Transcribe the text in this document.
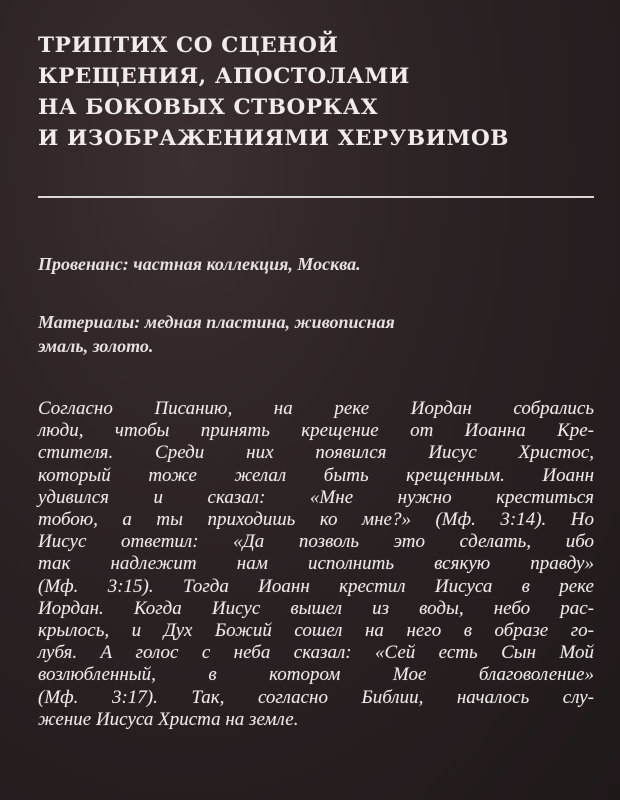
ТРИПТИХ СО СЦЕНОЙ
КРЕЩЕНИЯ, АПОСТОЛАМИ
НА БОКОВЫХ СТВОРКАХ
И ИЗОБРАЖЕНИЯМИ ХЕРУВИМОВ

Провенанс: частная коллекция, Москва.

Материалы: медная пластина, живописная
эмаль, золото.

Согласно Писанию, на реке Иордан собрались
люди, чтобы принять крещение от Иоанна Кре-
стителя. Среди них появился Иисус Христос,
который тоже желал быть крещенным. Иоанн
удивился и сказал: «Мне нужно креститься
тобою, а ты приходишь ко мне?» (Мф. 3:14). Но
Иисус ответил: «Да позволь это сделать, ибо
так надлежит нам исполнить всякую правду»
(Мф. 3:15). Тогда Иоанн крестил Иисуса в реке
Иордан. Когда Иисус вышел из воды, небо рас-
крылось, и Дух Божий сошел на него в образе го-
лубя. А голос с неба сказал: «Сей есть Сын Мой
возлюбленный, в котором Мое благоволение»
(Мф. 3:17). Так, согласно Библии, началось слу-
жение Иисуса Христа на земле.
